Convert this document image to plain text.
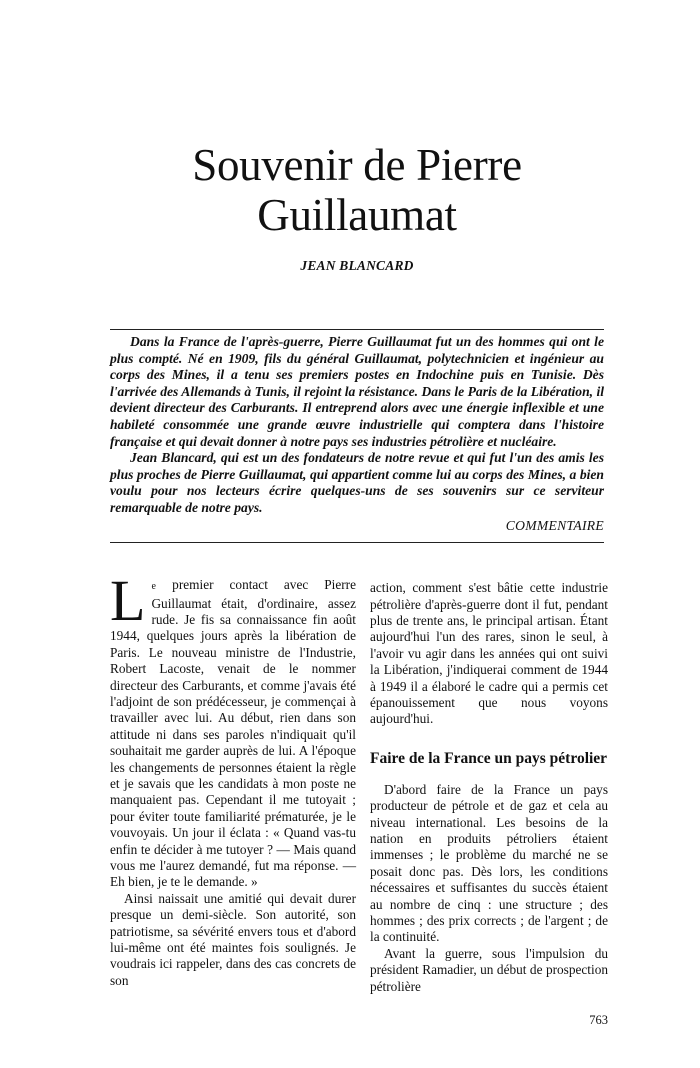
Souvenir de Pierre Guillaumat
JEAN BLANCARD

Dans la France de l'après-guerre, Pierre Guillaumat fut un des hommes qui ont le plus compté. Né en 1909, fils du général Guillaumat, polytechnicien et ingénieur au corps des Mines, il a tenu ses premiers postes en Indochine puis en Tunisie. Dès l'arrivée des Allemands à Tunis, il rejoint la résistance. Dans le Paris de la Libération, il devient directeur des Carburants. Il entreprend alors avec une énergie inflexible et une habileté consommée une grande œuvre industrielle qui comptera dans l'histoire française et qui devait donner à notre pays ses industries pétrolière et nucléaire.

Jean Blancard, qui est un des fondateurs de notre revue et qui fut l'un des amis les plus proches de Pierre Guillaumat, qui appartient comme lui au corps des Mines, a bien voulu pour nos lecteurs écrire quelques-uns de ses souvenirs sur ce serviteur remarquable de notre pays.

COMMENTAIRE

Le premier contact avec Pierre Guillaumat était, d'ordinaire, assez rude. Je fis sa connaissance fin août 1944, quelques jours après la libération de Paris. Le nouveau ministre de l'Industrie, Robert Lacoste, venait de le nommer directeur des Carburants, et comme j'avais été l'adjoint de son prédécesseur, je commençai à travailler avec lui. Au début, rien dans son attitude ni dans ses paroles n'indiquait qu'il souhaitait me garder auprès de lui. A l'époque les changements de personnes étaient la règle et je savais que les candidats à mon poste ne manquaient pas. Cependant il me tutoyait ; pour éviter toute familiarité prématurée, je le vouvoyais. Un jour il éclata : « Quand vas-tu enfin te décider à me tutoyer ? — Mais quand vous me l'aurez demandé, fut ma réponse. — Eh bien, je te le demande. »

Ainsi naissait une amitié qui devait durer presque un demi-siècle. Son autorité, son patriotisme, sa sévérité envers tous et d'abord lui-même ont été maintes fois soulignés. Je voudrais ici rappeler, dans des cas concrets de son

action, comment s'est bâtie cette industrie pétrolière d'après-guerre dont il fut, pendant plus de trente ans, le principal artisan. Étant aujourd'hui l'un des rares, sinon le seul, à l'avoir vu agir dans les années qui ont suivi la Libération, j'indiquerai comment de 1944 à 1949 il a élaboré le cadre qui a permis cet épanouissement que nous voyons aujourd'hui.

Faire de la France un pays pétrolier

D'abord faire de la France un pays producteur de pétrole et de gaz et cela au niveau international. Les besoins de la nation en produits pétroliers étaient immenses ; le problème du marché ne se posait donc pas. Dès lors, les conditions nécessaires et suffisantes du succès étaient au nombre de cinq : une structure ; des hommes ; des prix corrects ; de l'argent ; de la continuité.

Avant la guerre, sous l'impulsion du président Ramadier, un début de prospection pétrolière

763
